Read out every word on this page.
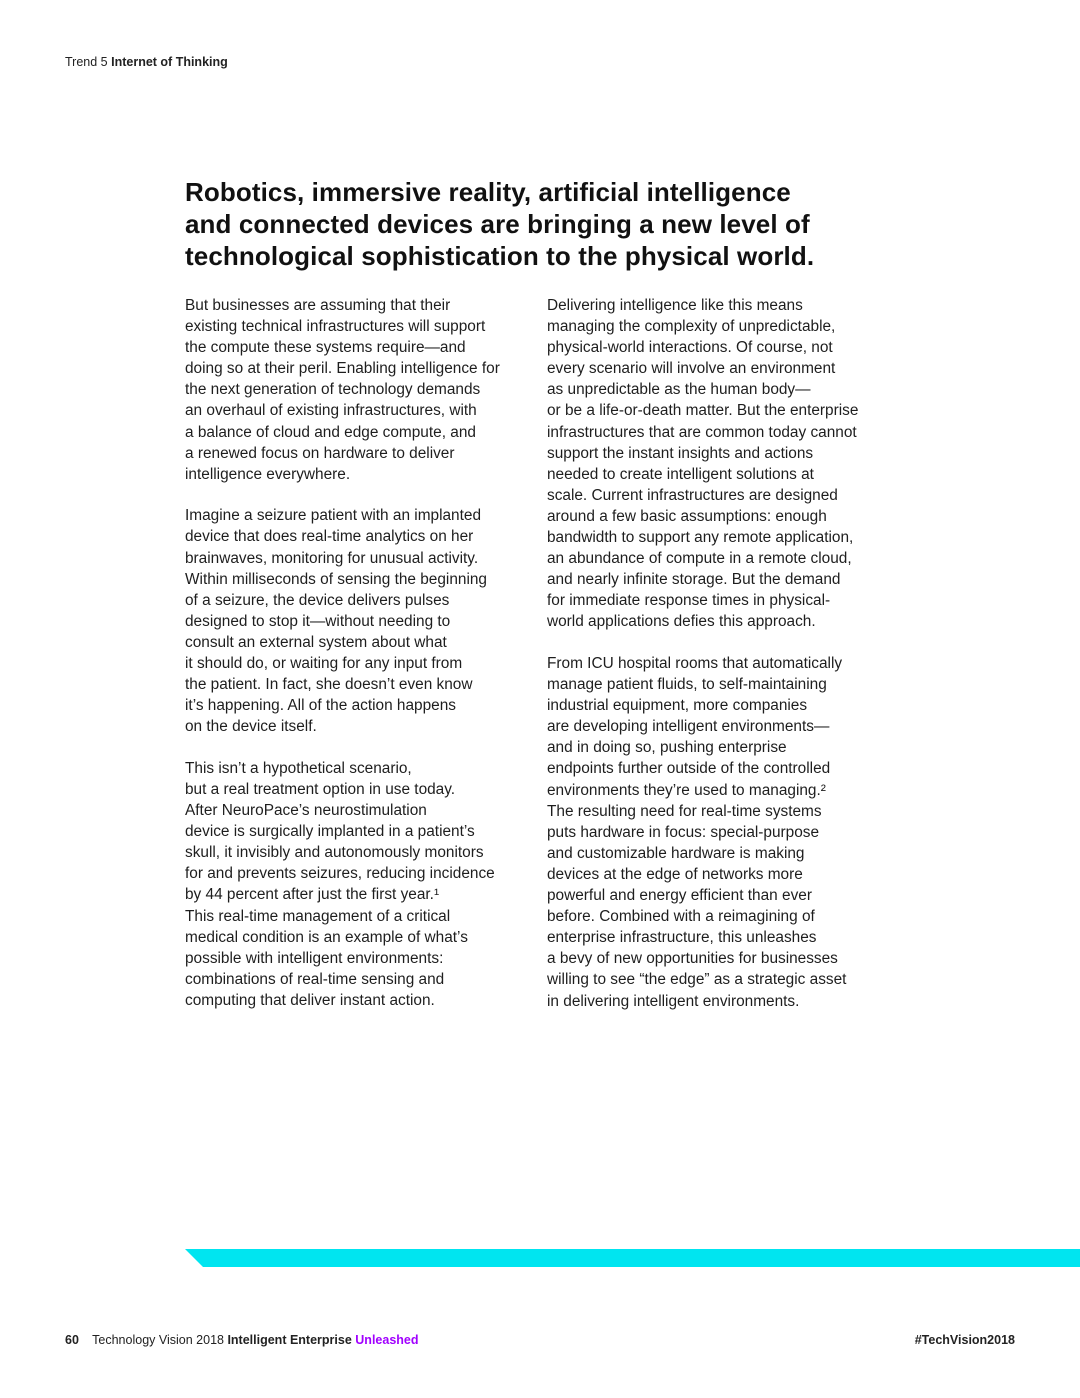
Trend 5 Internet of Thinking
Robotics, immersive reality, artificial intelligence
and connected devices are bringing a new level of
technological sophistication to the physical world.

But businesses are assuming that their
existing technical infrastructures will support
the compute these systems require—and
doing so at their peril. Enabling intelligence for
the next generation of technology demands
an overhaul of existing infrastructures, with
a balance of cloud and edge compute, and
a renewed focus on hardware to deliver
intelligence everywhere.

Imagine a seizure patient with an implanted
device that does real-time analytics on her
brainwaves, monitoring for unusual activity.
Within milliseconds of sensing the beginning
of a seizure, the device delivers pulses
designed to stop it—without needing to
consult an external system about what
it should do, or waiting for any input from
the patient. In fact, she doesn’t even know
it’s happening. All of the action happens
on the device itself.

This isn’t a hypothetical scenario,
but a real treatment option in use today.
After NeuroPace’s neurostimulation
device is surgically implanted in a patient’s
skull, it invisibly and autonomously monitors
for and prevents seizures, reducing incidence
by 44 percent after just the first year.¹
This real-time management of a critical
medical condition is an example of what’s
possible with intelligent environments:
combinations of real-time sensing and
computing that deliver instant action.

Delivering intelligence like this means
managing the complexity of unpredictable,
physical-world interactions. Of course, not
every scenario will involve an environment
as unpredictable as the human body—
or be a life-or-death matter. But the enterprise
infrastructures that are common today cannot
support the instant insights and actions
needed to create intelligent solutions at
scale. Current infrastructures are designed
around a few basic assumptions: enough
bandwidth to support any remote application,
an abundance of compute in a remote cloud,
and nearly infinite storage. But the demand
for immediate response times in physical-
world applications defies this approach.

From ICU hospital rooms that automatically
manage patient fluids, to self-maintaining
industrial equipment, more companies
are developing intelligent environments—
and in doing so, pushing enterprise
endpoints further outside of the controlled
environments they’re used to managing.²
The resulting need for real-time systems
puts hardware in focus: special-purpose
and customizable hardware is making
devices at the edge of networks more
powerful and energy efficient than ever
before. Combined with a reimagining of
enterprise infrastructure, this unleashes
a bevy of new opportunities for businesses
willing to see “the edge” as a strategic asset
in delivering intelligent environments.

60 Technology Vision 2018 Intelligent Enterprise Unleashed	#TechVision2018
